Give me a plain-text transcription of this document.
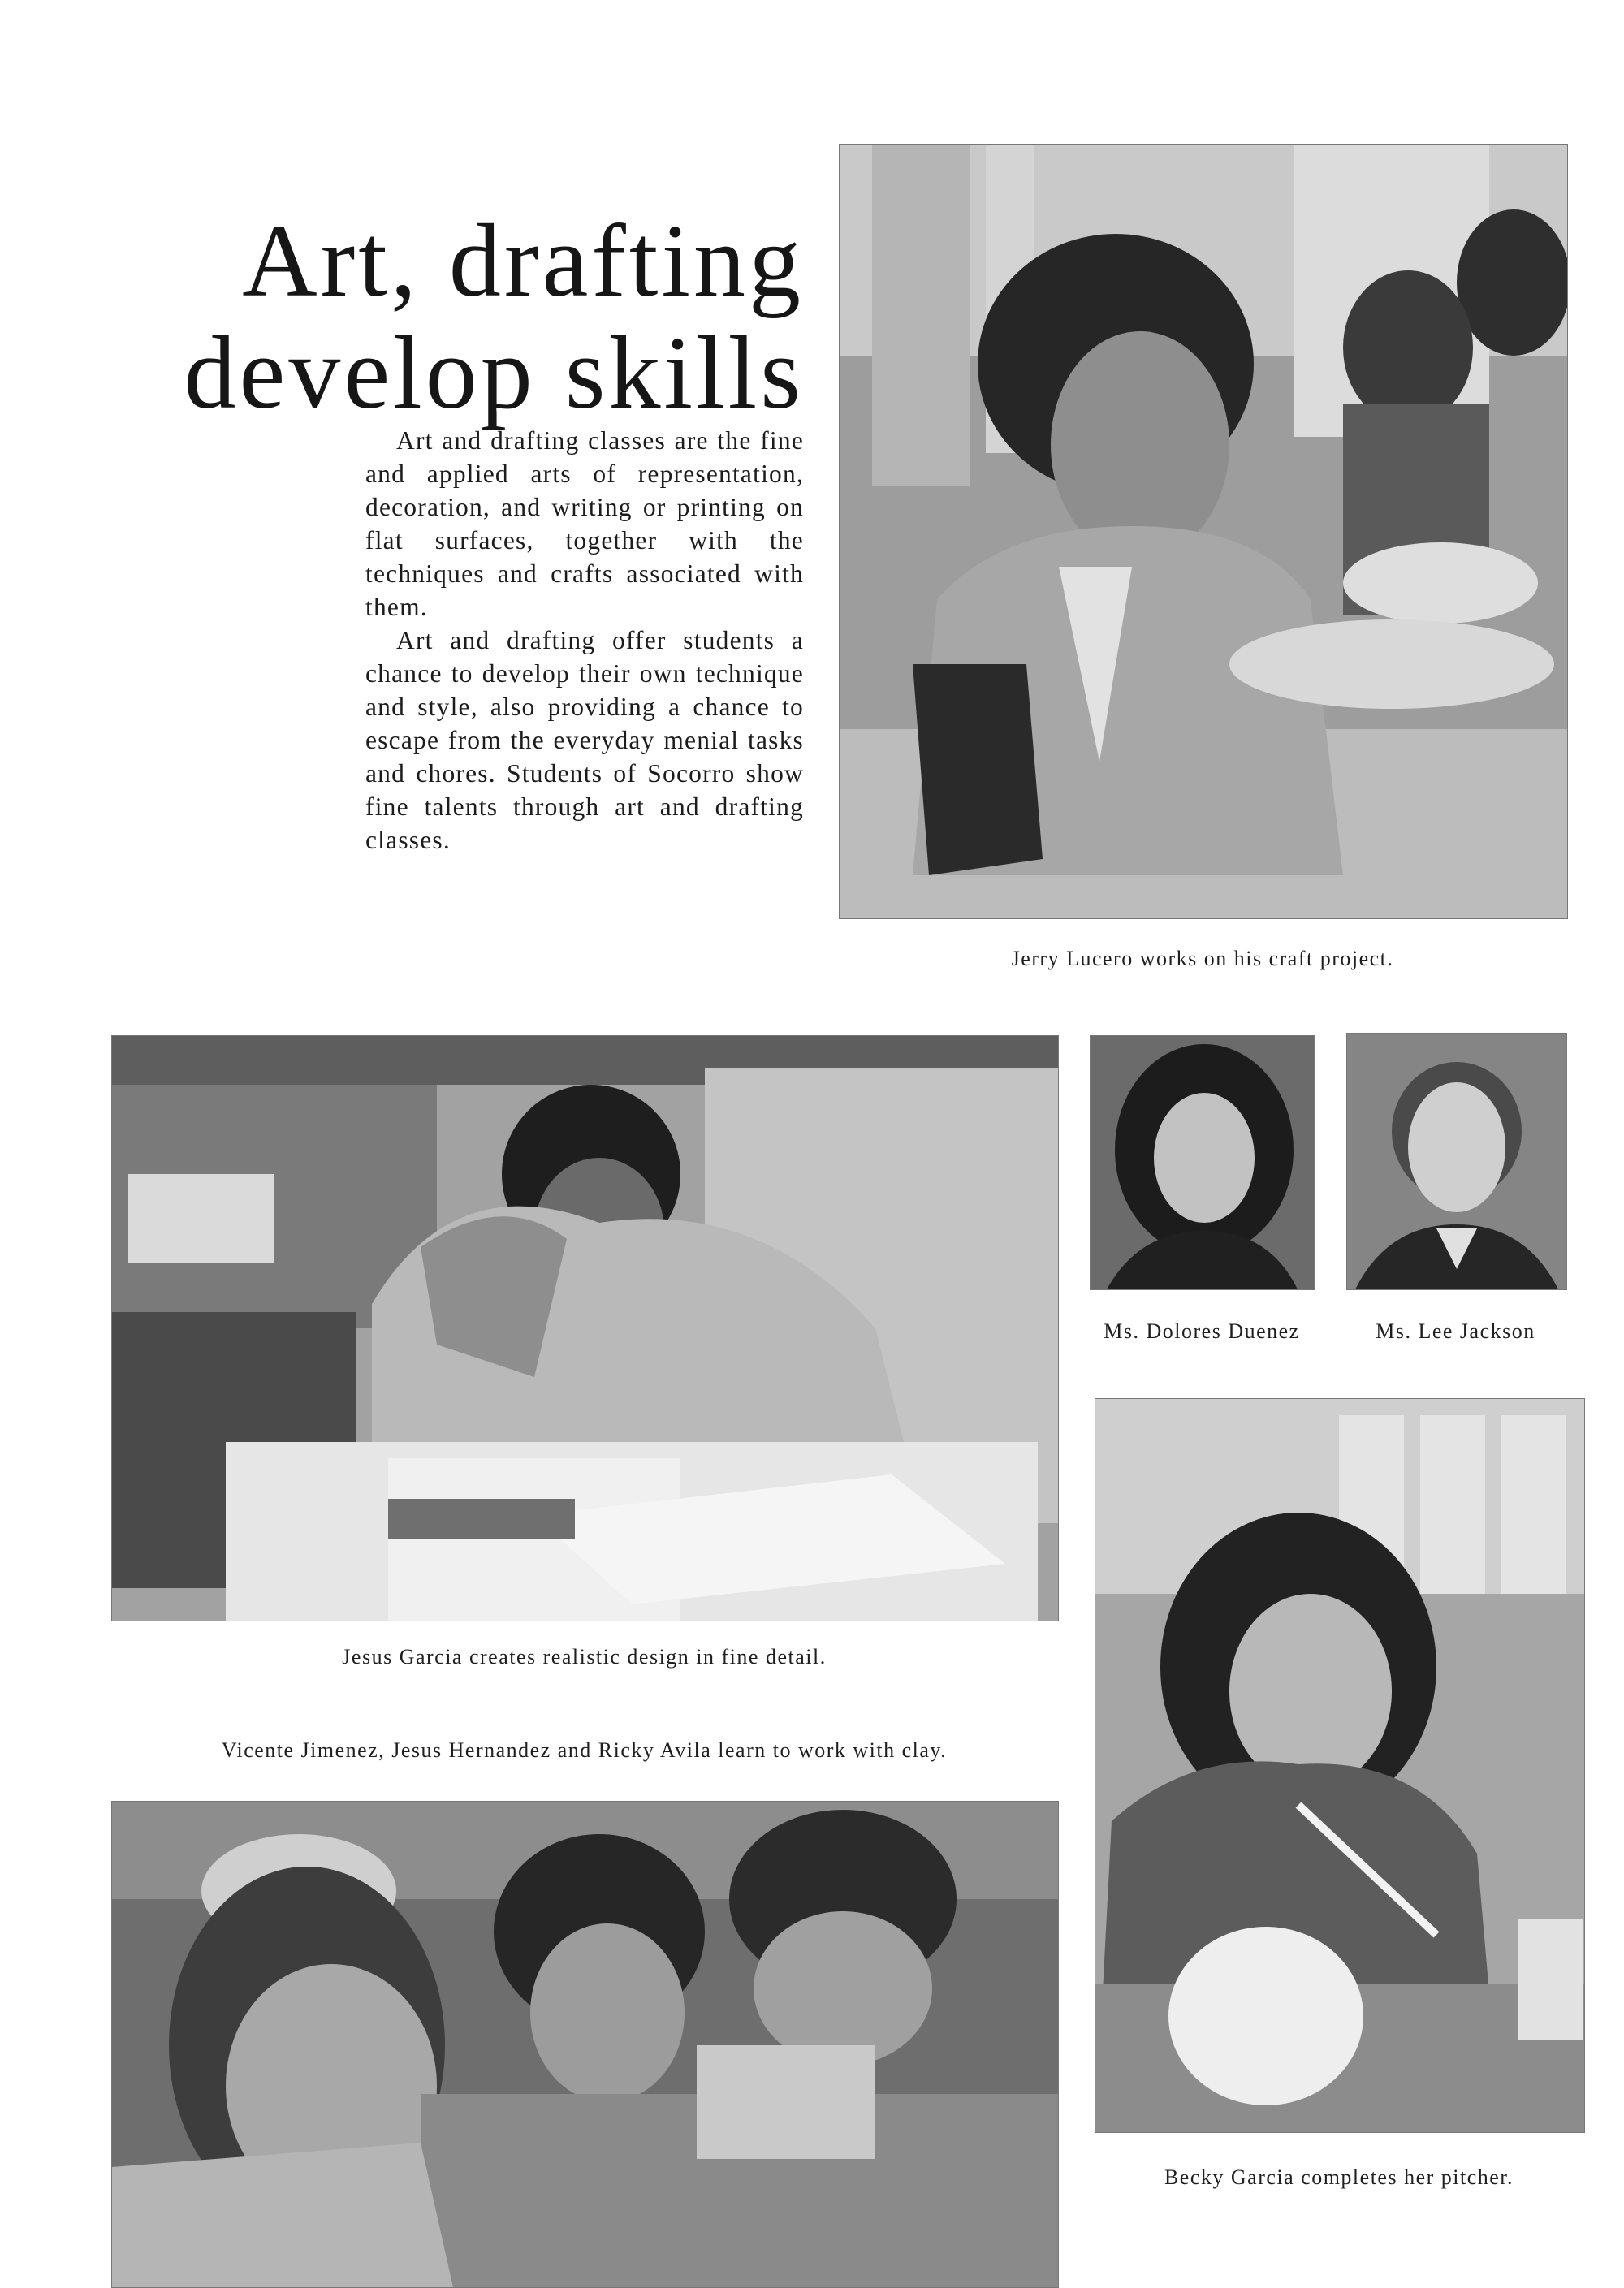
Art, drafting
develop skills

Art and drafting classes are the fine and applied arts of representation, decoration, and writing or printing on flat surfaces, together with the techniques and crafts associated with them.

Art and drafting offer students a chance to develop their own technique and style, also providing a chance to escape from the everyday menial tasks and chores. Students of Socorro show fine talents through art and drafting classes.

Jerry Lucero works on his craft project.
Jesus Garcia creates realistic design in fine detail.
Vicente Jimenez, Jesus Hernandez and Ricky Avila learn to work with clay.
Ms. Dolores Duenez	Ms. Lee Jackson
Becky Garcia completes her pitcher.
